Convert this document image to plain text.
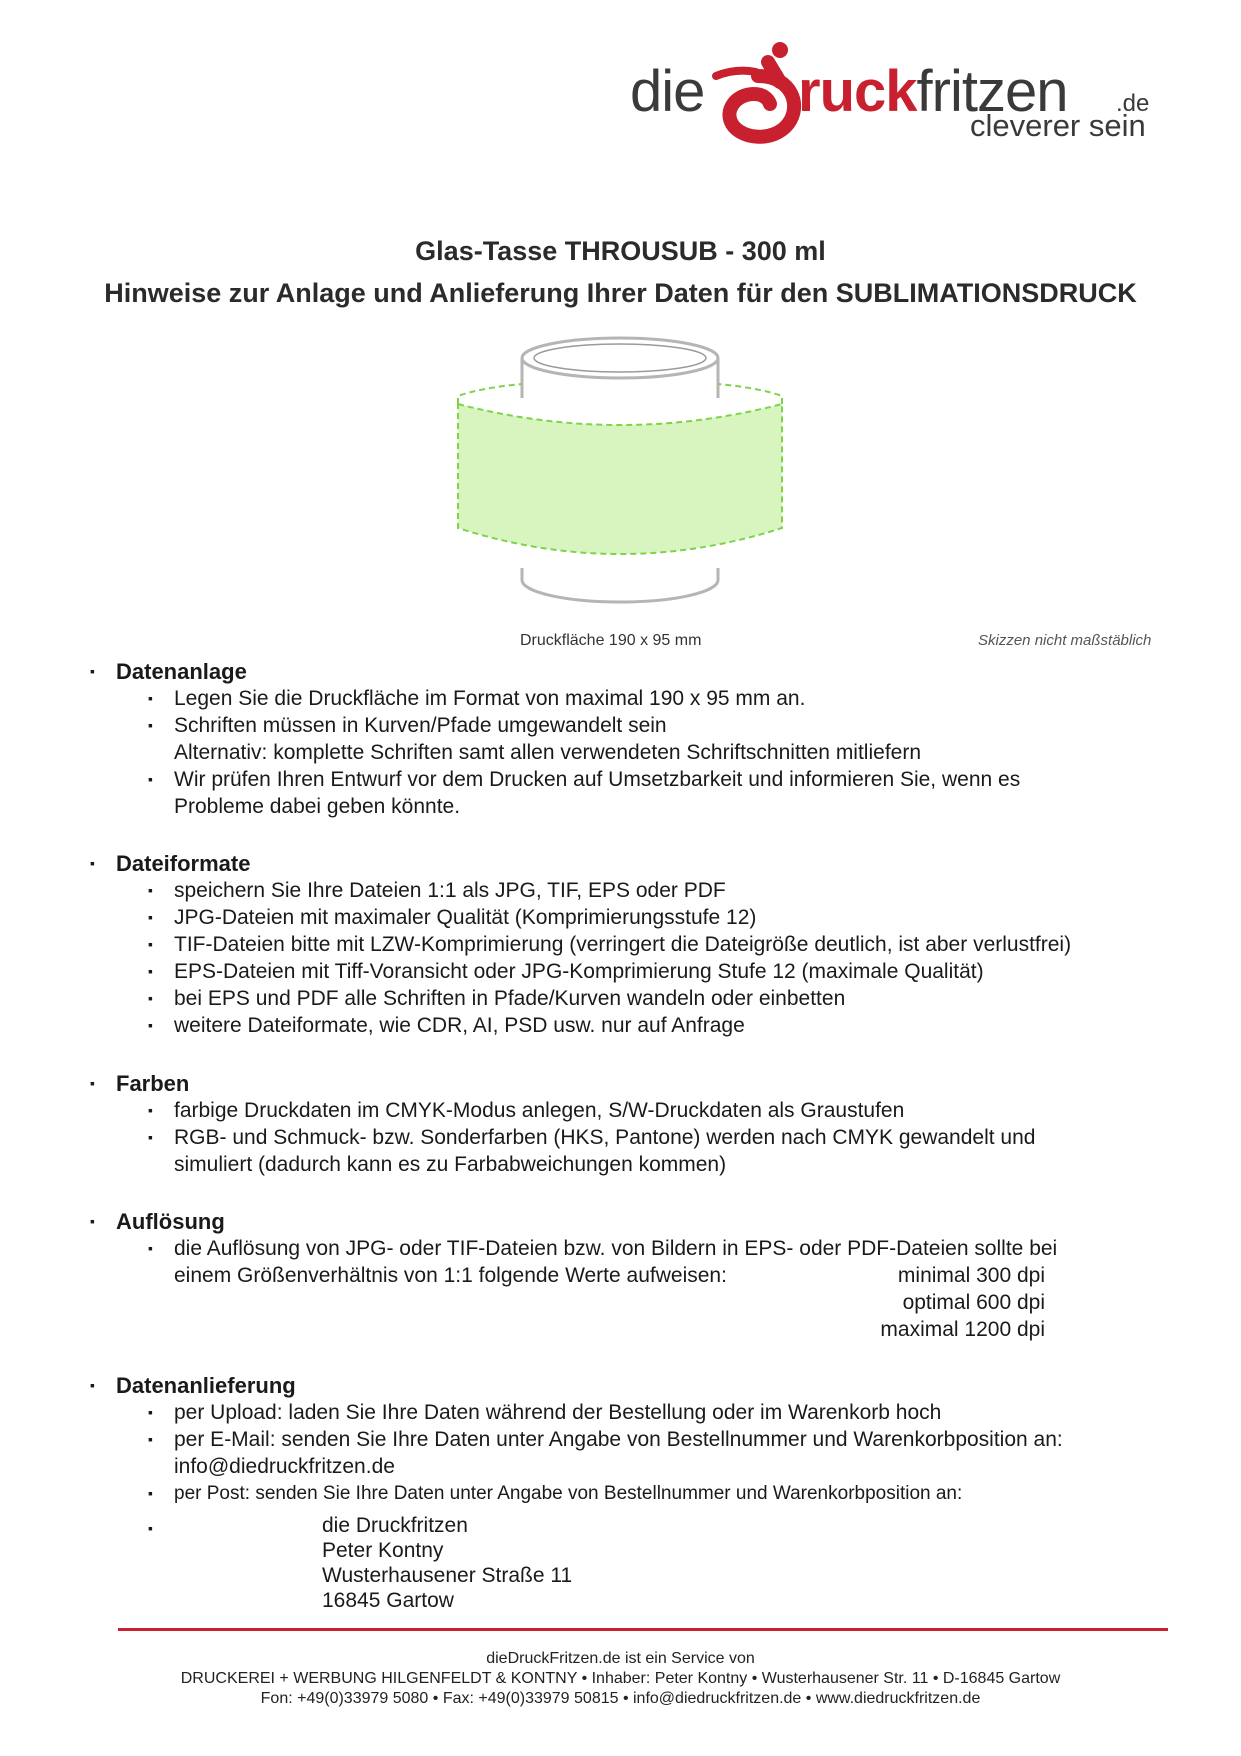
die ruckfritzen .de
cleverer sein
Glas-Tasse THROUSUB - 300 ml
Hinweise zur Anlage und Anlieferung Ihrer Daten für den SUBLIMATIONSDRUCK
Druckfläche 190 x 95 mm	Skizzen nicht maßstäblich
▪ Datenanlage
▪ Legen Sie die Druckfläche im Format von maximal 190 x 95 mm an.
▪ Schriften müssen in Kurven/Pfade umgewandelt sein
Alternativ: komplette Schriften samt allen verwendeten Schriftschnitten mitliefern
▪ Wir prüfen Ihren Entwurf vor dem Drucken auf Umsetzbarkeit und informieren Sie, wenn es
Probleme dabei geben könnte.
▪ Dateiformate
▪ speichern Sie Ihre Dateien 1:1 als JPG, TIF, EPS oder PDF
▪ JPG-Dateien mit maximaler Qualität (Komprimierungsstufe 12)
▪ TIF-Dateien bitte mit LZW-Komprimierung (verringert die Dateigröße deutlich, ist aber verlustfrei)
▪ EPS-Dateien mit Tiff-Voransicht oder JPG-Komprimierung Stufe 12 (maximale Qualität)
▪ bei EPS und PDF alle Schriften in Pfade/Kurven wandeln oder einbetten
▪ weitere Dateiformate, wie CDR, AI, PSD usw. nur auf Anfrage
▪ Farben
▪ farbige Druckdaten im CMYK-Modus anlegen, S/W-Druckdaten als Graustufen
▪ RGB- und Schmuck- bzw. Sonderfarben (HKS, Pantone) werden nach CMYK gewandelt und
simuliert (dadurch kann es zu Farbabweichungen kommen)
▪ Auflösung
▪ die Auflösung von JPG- oder TIF-Dateien bzw. von Bildern in EPS- oder PDF-Dateien sollte bei
einem Größenverhältnis von 1:1 folgende Werte aufweisen:	minimal 300 dpi
optimal 600 dpi
maximal 1200 dpi
▪ Datenanlieferung
▪ per Upload: laden Sie Ihre Daten während der Bestellung oder im Warenkorb hoch
▪ per E-Mail: senden Sie Ihre Daten unter Angabe von Bestellnummer und Warenkorbposition an:
info@diedruckfritzen.de
▪ per Post: senden Sie Ihre Daten unter Angabe von Bestellnummer und Warenkorbposition an:
▪
	die Druckfritzen
Peter Kontny
Wusterhausener Straße 11
16845 Gartow
dieDruckFritzen.de ist ein Service von
DRUCKEREI + WERBUNG HILGENFELDT & KONTNY • Inhaber: Peter Kontny • Wusterhausener Str. 11 • D-16845 Gartow
Fon: +49(0)33979 5080 • Fax: +49(0)33979 50815 • info@diedruckfritzen.de • www.diedruckfritzen.de
